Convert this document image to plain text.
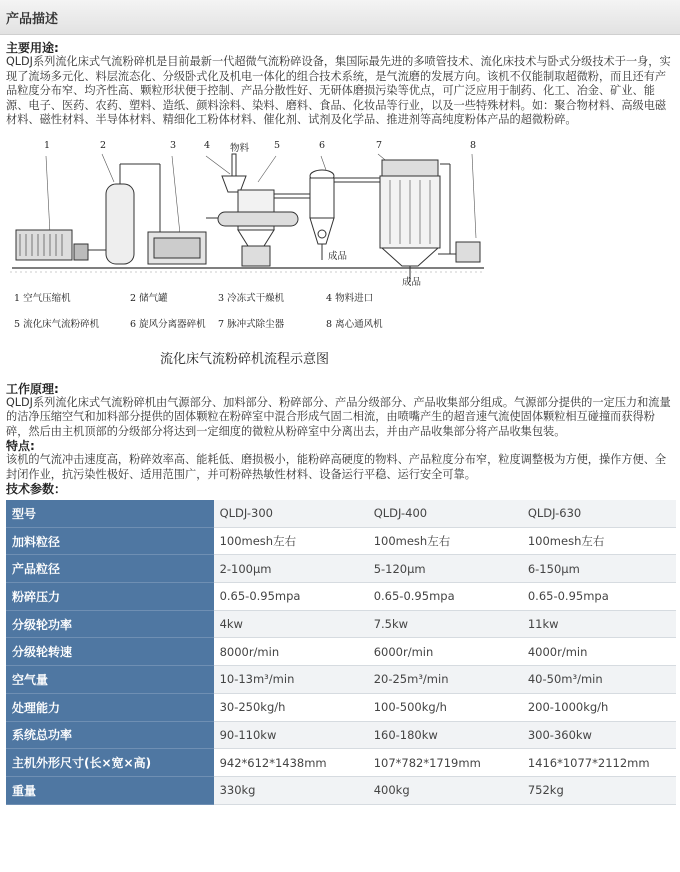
产品描述
主要用途:
QLDJ系列流化床式气流粉碎机是目前最新一代超微气流粉碎设备，集国际最先进的多喷管技术、流化床技术与卧式分级技术于一身，实现了流场多元化、料层流态化、分级卧式化及机电一体化的组合技术系统，是气流磨的发展方向。该机不仅能制取超微粉，而且还有产品粒度分布窄、均齐性高、颗粒形状便于控制、产品分散性好、无研体磨损污染等优点，可广泛应用于制药、化工、冶金、矿业、能源、电子、医药、农药、塑料、造纸、颜料涂料、染料、磨料、食品、化妆品等行业，以及一些特殊材料。如：聚合物材料、高级电磁材料、磁性材料、半导体材料、精细化工粉体材料、催化剂、试剂及化学品、推进剂等高纯度粉体产品的超微粉碎。
1	2	3	4	5	6	7	8
物料
成品
成品
1 空气压缩机	2 储气罐	3 冷冻式干燥机	4 物料进口
5 流化床气流粉碎机	6 旋风分离器碎机 7 脉冲式除尘器	8 离心通风机
流化床气流粉碎机流程示意图
工作原理:
QLDJ系列流化床式气流粉碎机由气源部分、加料部分、粉碎部分、产品分级部分、产品收集部分组成。气源部分提供的一定压力和流量的洁净压缩空气和加料部分提供的固体颗粒在粉碎室中混合形成气固二相流，由喷嘴产生的超音速气流使固体颗粒相互碰撞而获得粉碎，然后由主机顶部的分级部分将达到一定细度的微粒从粉碎室中分离出去，并由产品收集部分将产品收集包装。
特点:
该机的气流冲击速度高，粉碎效率高、能耗低、磨损极小，能粉碎高硬度的物料、产品粒度分布窄，粒度调整极为方便，操作方便、全封闭作业，抗污染性极好、适用范围广，并可粉碎热敏性材料、设备运行平稳、运行安全可靠。
技术参数：
型号	QLDJ-300	QLDJ-400	QLDJ-630
加料粒径	100mesh左右	100mesh左右	100mesh左右
产品粒径	2-100μm	5-120μm	6-150μm
粉碎压力	0.65-0.95mpa	0.65-0.95mpa	0.65-0.95mpa
分级轮功率	4kw	7.5kw	11kw
分级轮转速	8000r/min	6000r/min	4000r/min
空气量	10-13m³/min	20-25m³/min	40-50m³/min
处理能力	30-250kg/h	100-500kg/h	200-1000kg/h
系统总功率	90-110kw	160-180kw	300-360kw
主机外形尺寸(长×宽×高)	942*612*1438mm	107*782*1719mm	1416*1077*2112mm
重量	330kg	400kg	752kg
